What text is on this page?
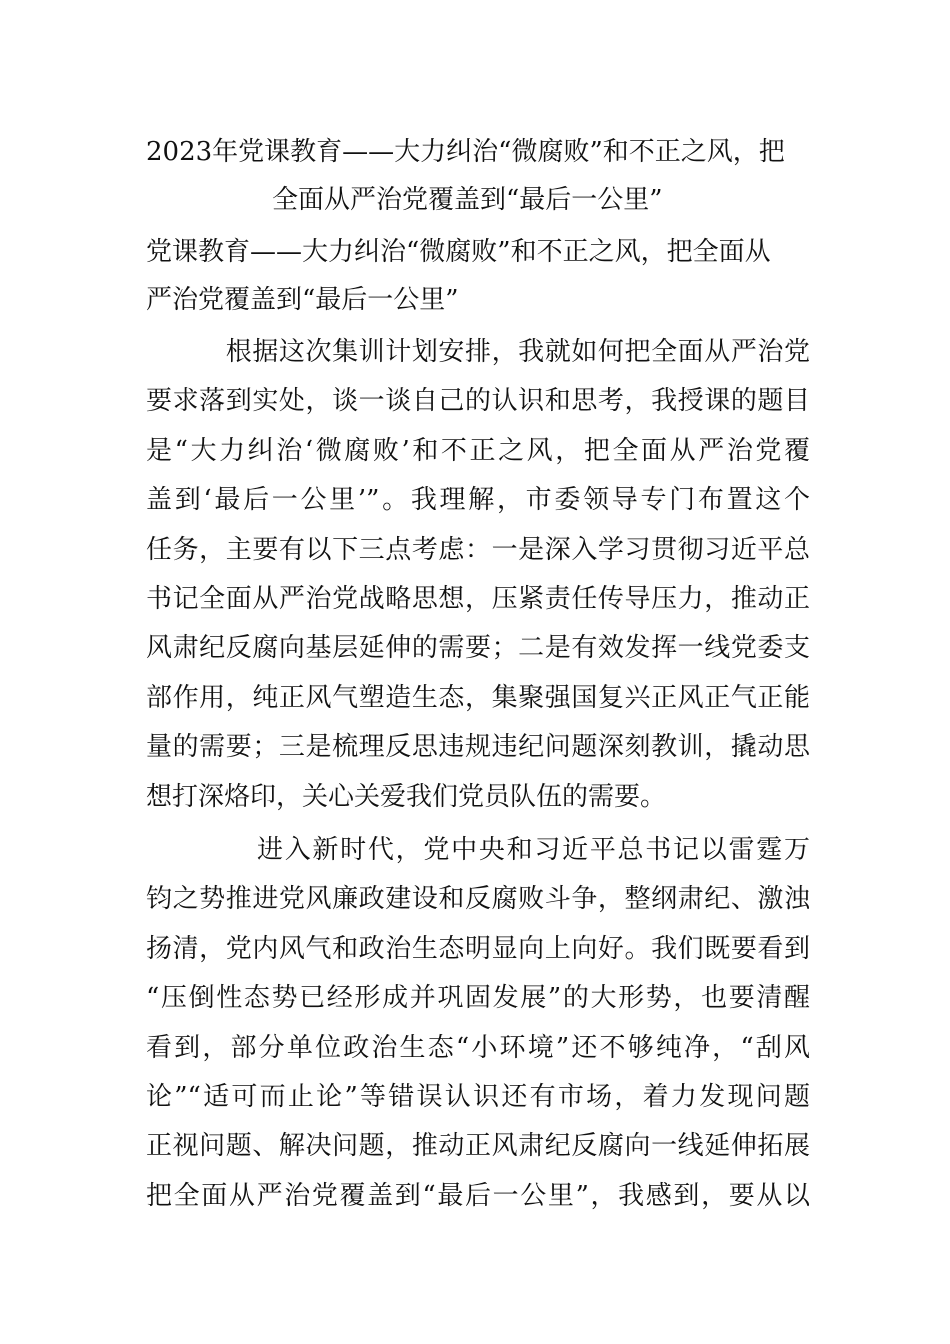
2023年党课教育——大力纠治“微腐败”和不正之风，把
全面从严治党覆盖到“最后一公里”
党课教育——大力纠治“微腐败”和不正之风，把全面从
严治党覆盖到“最后一公里”
　　　根据这次集训计划安排，我就如何把全面从严治党
要求落到实处，谈一谈自己的认识和思考，我授课的题目
是“大力纠治‘微腐败’和不正之风，把全面从严治党覆
盖到‘最后一公里’”。我理解，市委领导专门布置这个
任务，主要有以下三点考虑：一是深入学习贯彻习近平总
书记全面从严治党战略思想，压紧责任传导压力，推动正
风肃纪反腐向基层延伸的需要；二是有效发挥一线党委支
部作用，纯正风气塑造生态，集聚强国复兴正风正气正能
量的需要；三是梳理反思违规违纪问题深刻教训，撬动思
想打深烙印，关心关爱我们党员队伍的需要。
　　　　进入新时代，党中央和习近平总书记以雷霆万
钧之势推进党风廉政建设和反腐败斗争，整纲肃纪、激浊
扬清，党内风气和政治生态明显向上向好。我们既要看到
“压倒性态势已经形成并巩固发展”的大形势，也要清醒
看到，部分单位政治生态“小环境”还不够纯净，“刮风
论”“适可而止论”等错误认识还有市场，着力发现问题
正视问题、解决问题，推动正风肃纪反腐向一线延伸拓展
把全面从严治党覆盖到“最后一公里”，我感到，要从以
